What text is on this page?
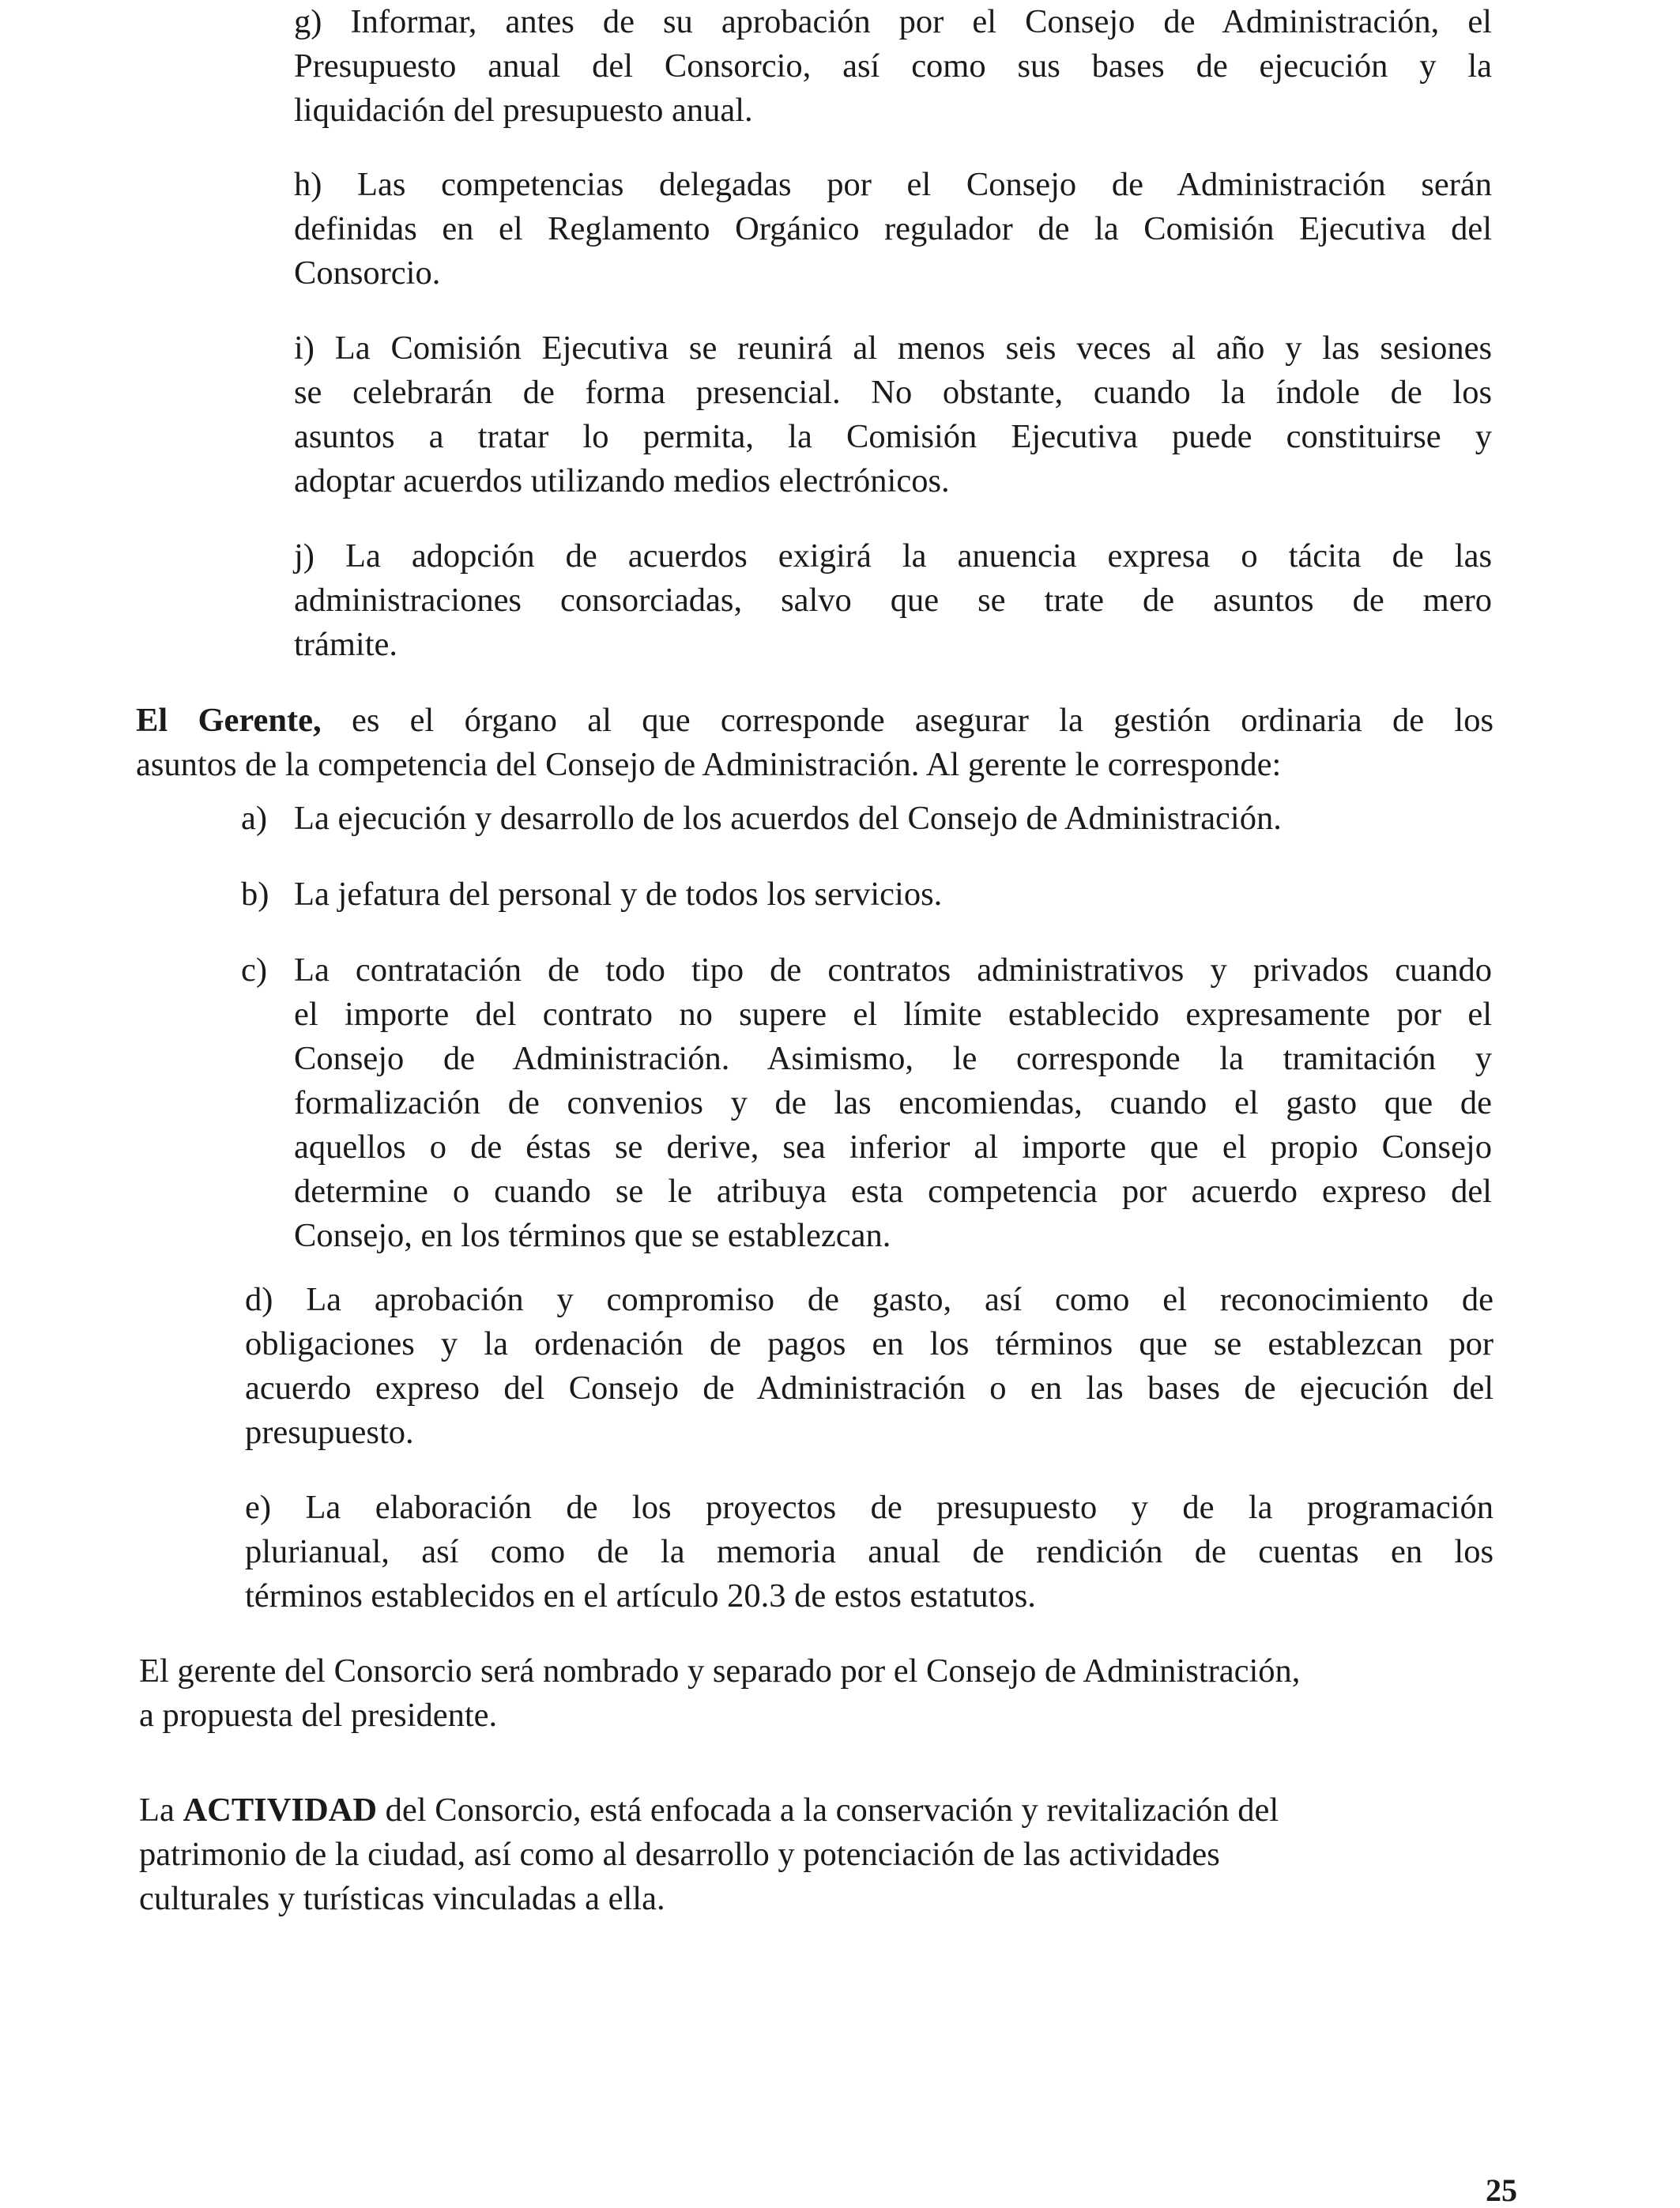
g) Informar, antes de su aprobación por el Consejo de Administración, el
Presupuesto anual del Consorcio, así como sus bases de ejecución y la
liquidación del presupuesto anual.
h) Las competencias delegadas por el Consejo de Administración serán
definidas en el Reglamento Orgánico regulador de la Comisión Ejecutiva del
Consorcio.
i) La Comisión Ejecutiva se reunirá al menos seis veces al año y las sesiones
se celebrarán de forma presencial. No obstante, cuando la índole de los
asuntos a tratar lo permita, la Comisión Ejecutiva puede constituirse y
adoptar acuerdos utilizando medios electrónicos.
j) La adopción de acuerdos exigirá la anuencia expresa o tácita de las
administraciones consorciadas, salvo que se trate de asuntos de mero
trámite.
El Gerente, es el órgano al que corresponde asegurar la gestión ordinaria de los
asuntos de la competencia del Consejo de Administración. Al gerente le corresponde:
a) La ejecución y desarrollo de los acuerdos del Consejo de Administración.
b) La jefatura del personal y de todos los servicios.
c) La contratación de todo tipo de contratos administrativos y privados cuando
el importe del contrato no supere el límite establecido expresamente por el
Consejo de Administración. Asimismo, le corresponde la tramitación y
formalización de convenios y de las encomiendas, cuando el gasto que de
aquellos o de éstas se derive, sea inferior al importe que el propio Consejo
determine o cuando se le atribuya esta competencia por acuerdo expreso del
Consejo, en los términos que se establezcan.
d) La aprobación y compromiso de gasto, así como el reconocimiento de
obligaciones y la ordenación de pagos en los términos que se establezcan por
acuerdo expreso del Consejo de Administración o en las bases de ejecución del
presupuesto.
e) La elaboración de los proyectos de presupuesto y de la programación
plurianual, así como de la memoria anual de rendición de cuentas en los
términos establecidos en el artículo 20.3 de estos estatutos.
El gerente del Consorcio será nombrado y separado por el Consejo de Administración,
a propuesta del presidente.
La ACTIVIDAD del Consorcio, está enfocada a la conservación y revitalización del
patrimonio de la ciudad, así como al desarrollo y potenciación de las actividades
culturales y turísticas vinculadas a ella.
25
